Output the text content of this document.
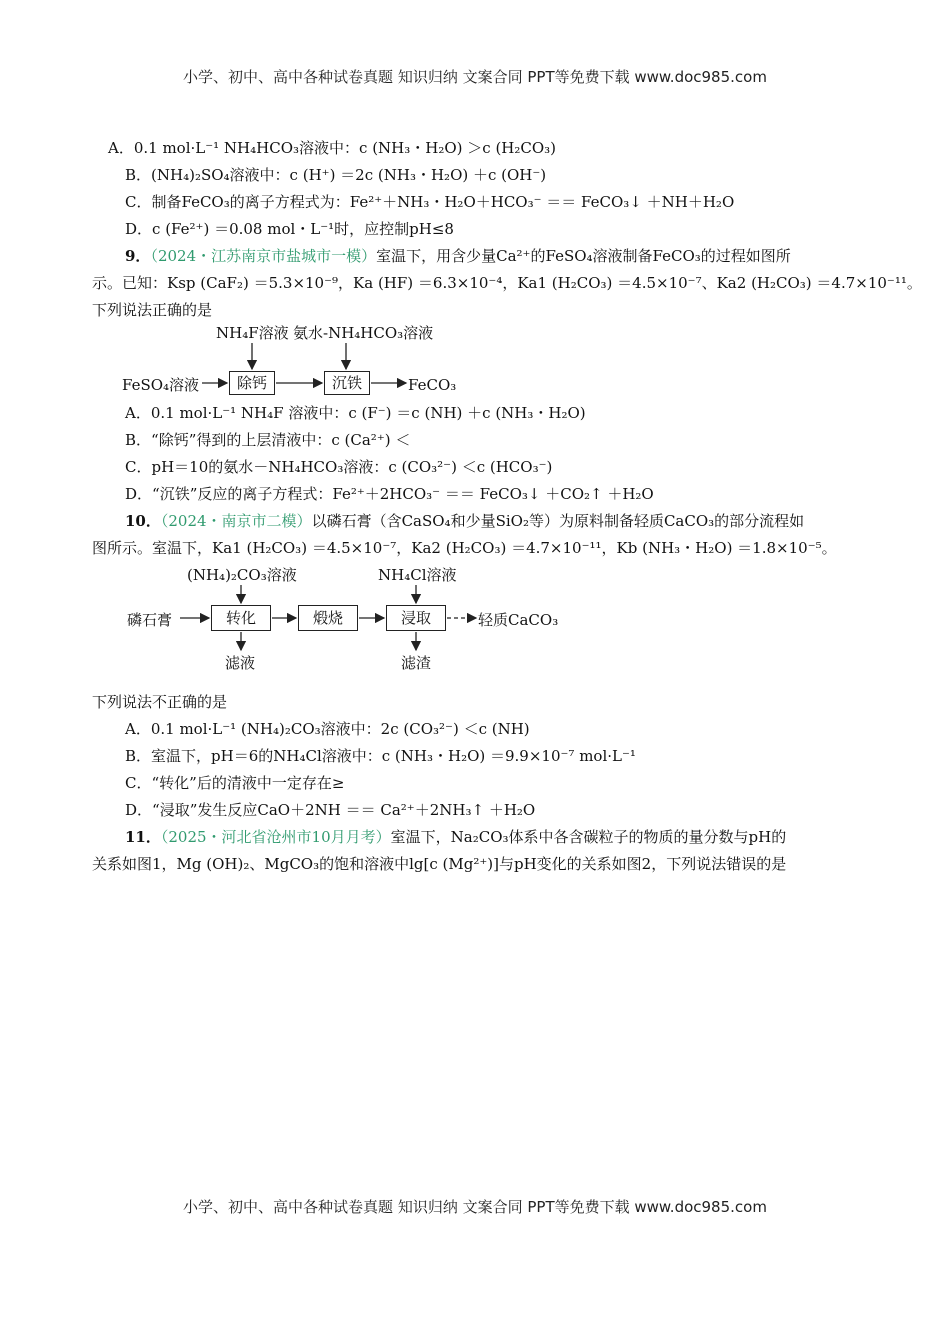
小学、初中、高中各种试卷真题 知识归纳 文案合同 PPT等免费下载 www.doc985.com
A．0.1 mol·L⁻¹ NH₄HCO₃溶液中：c (NH₃・H₂O) ＞c (H₂CO₃)
B．(NH₄)₂SO₄溶液中：c (H⁺) ＝2c (NH₃・H₂O) ＋c (OH⁻)
C．制备FeCO₃的离子方程式为：Fe²⁺＋NH₃・H₂O＋HCO₃⁻ ＝＝ FeCO₃↓ ＋NH＋H₂O
D．c (Fe²⁺) ＝0.08 mol・L⁻¹时，应控制pH≤8
9．（2024・江苏南京市盐城市一模）室温下，用含少量Ca²⁺的FeSO₄溶液制备FeCO₃的过程如图所
示。已知：Ksp (CaF₂) ＝5.3×10⁻⁹，Ka (HF) ＝6.3×10⁻⁴，Ka1 (H₂CO₃) ＝4.5×10⁻⁷、Ka2 (H₂CO₃) ＝4.7×10⁻¹¹。
下列说法正确的是
NH₄F溶液 氨水-NH₄HCO₃溶液
FeSO₄溶液	除钙	沉铁	FeCO₃
A．0.1 mol·L⁻¹ NH₄F 溶液中：c (F⁻) ＝c (NH) ＋c (NH₃・H₂O)
B．“除钙”得到的上层清液中：c (Ca²⁺) ＜
C．pH＝10的氨水－NH₄HCO₃溶液：c (CO₃²⁻) ＜c (HCO₃⁻)
D．“沉铁”反应的离子方程式：Fe²⁺＋2HCO₃⁻ ＝＝ FeCO₃↓ ＋CO₂↑ ＋H₂O
10．（2024・南京市二模）以磷石膏（含CaSO₄和少量SiO₂等）为原料制备轻质CaCO₃的部分流程如
图所示。室温下，Ka1 (H₂CO₃) ＝4.5×10⁻⁷，Ka2 (H₂CO₃) ＝4.7×10⁻¹¹，Kb (NH₃・H₂O) ＝1.8×10⁻⁵。
(NH₄)₂CO₃溶液	NH₄Cl溶液
磷石膏	转化	煅烧	浸取	轻质CaCO₃
滤液	滤渣
下列说法不正确的是
A．0.1 mol·L⁻¹ (NH₄)₂CO₃溶液中：2c (CO₃²⁻) ＜c (NH)
B．室温下，pH＝6的NH₄Cl溶液中：c (NH₃・H₂O) ＝9.9×10⁻⁷ mol·L⁻¹
C．“转化”后的清液中一定存在≥
D．“浸取”发生反应CaO＋2NH ＝＝ Ca²⁺＋2NH₃↑ ＋H₂O
11．（2025・河北省沧州市10月月考）室温下，Na₂CO₃体系中各含碳粒子的物质的量分数与pH的
关系如图1，Mg (OH)₂、MgCO₃的饱和溶液中lg[c (Mg²⁺)]与pH变化的关系如图2，下列说法错误的是
小学、初中、高中各种试卷真题 知识归纳 文案合同 PPT等免费下载 www.doc985.com
